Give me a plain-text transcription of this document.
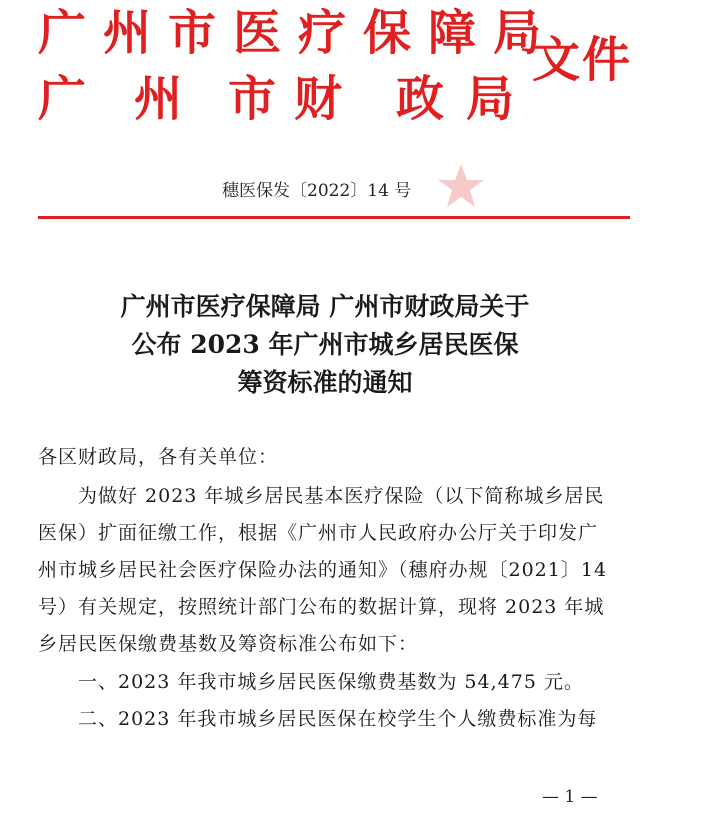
广州市医疗保障局
广 州 市 财 政 局
文件
穗医保发〔2022〕14 号
广州市医疗保障局 广州市财政局关于
公布 2023 年广州市城乡居民医保
筹资标准的通知
各区财政局，各有关单位：
为做好 2023 年城乡居民基本医疗保险（以下简称城乡居民
医保）扩面征缴工作，根据《广州市人民政府办公厅关于印发广
州市城乡居民社会医疗保险办法的通知》（穗府办规〔2021〕14
号）有关规定，按照统计部门公布的数据计算，现将 2023 年城
乡居民医保缴费基数及筹资标准公布如下：
一、2023 年我市城乡居民医保缴费基数为 54,475 元。
二、2023 年我市城乡居民医保在校学生个人缴费标准为每
— 1 —
